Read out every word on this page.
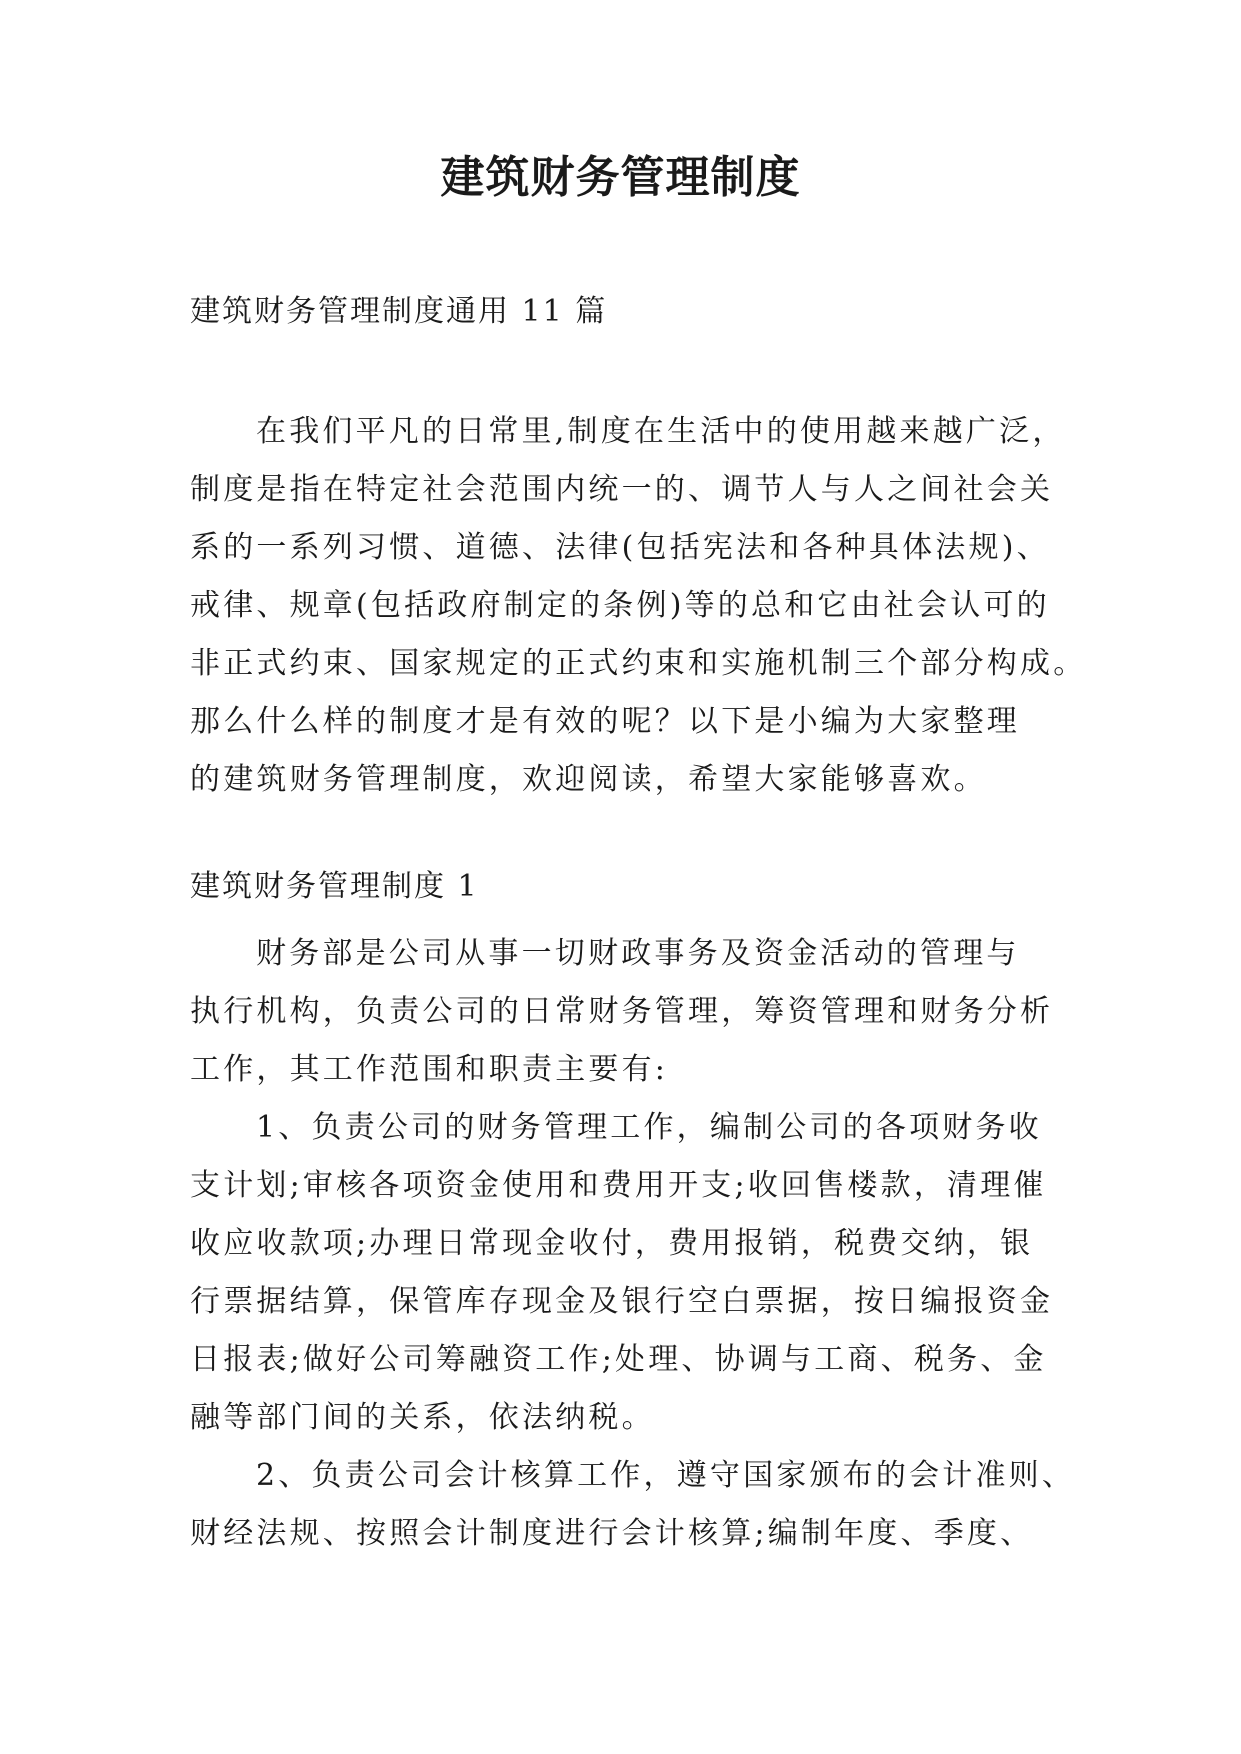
建筑财务管理制度

建筑财务管理制度通用 11 篇

在我们平凡的日常里,制度在生活中的使用越来越广泛，

制度是指在特定社会范围内统一的、调节人与人之间社会关

系的一系列习惯、道德、法律(包括宪法和各种具体法规)、

戒律、规章(包括政府制定的条例)等的总和它由社会认可的

非正式约束、国家规定的正式约束和实施机制三个部分构成。

那么什么样的制度才是有效的呢？以下是小编为大家整理

的建筑财务管理制度，欢迎阅读，希望大家能够喜欢。

建筑财务管理制度 1

财务部是公司从事一切财政事务及资金活动的管理与

执行机构，负责公司的日常财务管理，筹资管理和财务分析

工作，其工作范围和职责主要有:

1、负责公司的财务管理工作，编制公司的各项财务收

支计划;审核各项资金使用和费用开支;收回售楼款，清理催

收应收款项;办理日常现金收付，费用报销，税费交纳，银

行票据结算，保管库存现金及银行空白票据，按日编报资金

日报表;做好公司筹融资工作;处理、协调与工商、税务、金

融等部门间的关系，依法纳税。

2、负责公司会计核算工作，遵守国家颁布的会计准则、

财经法规、按照会计制度进行会计核算;编制年度、季度、
